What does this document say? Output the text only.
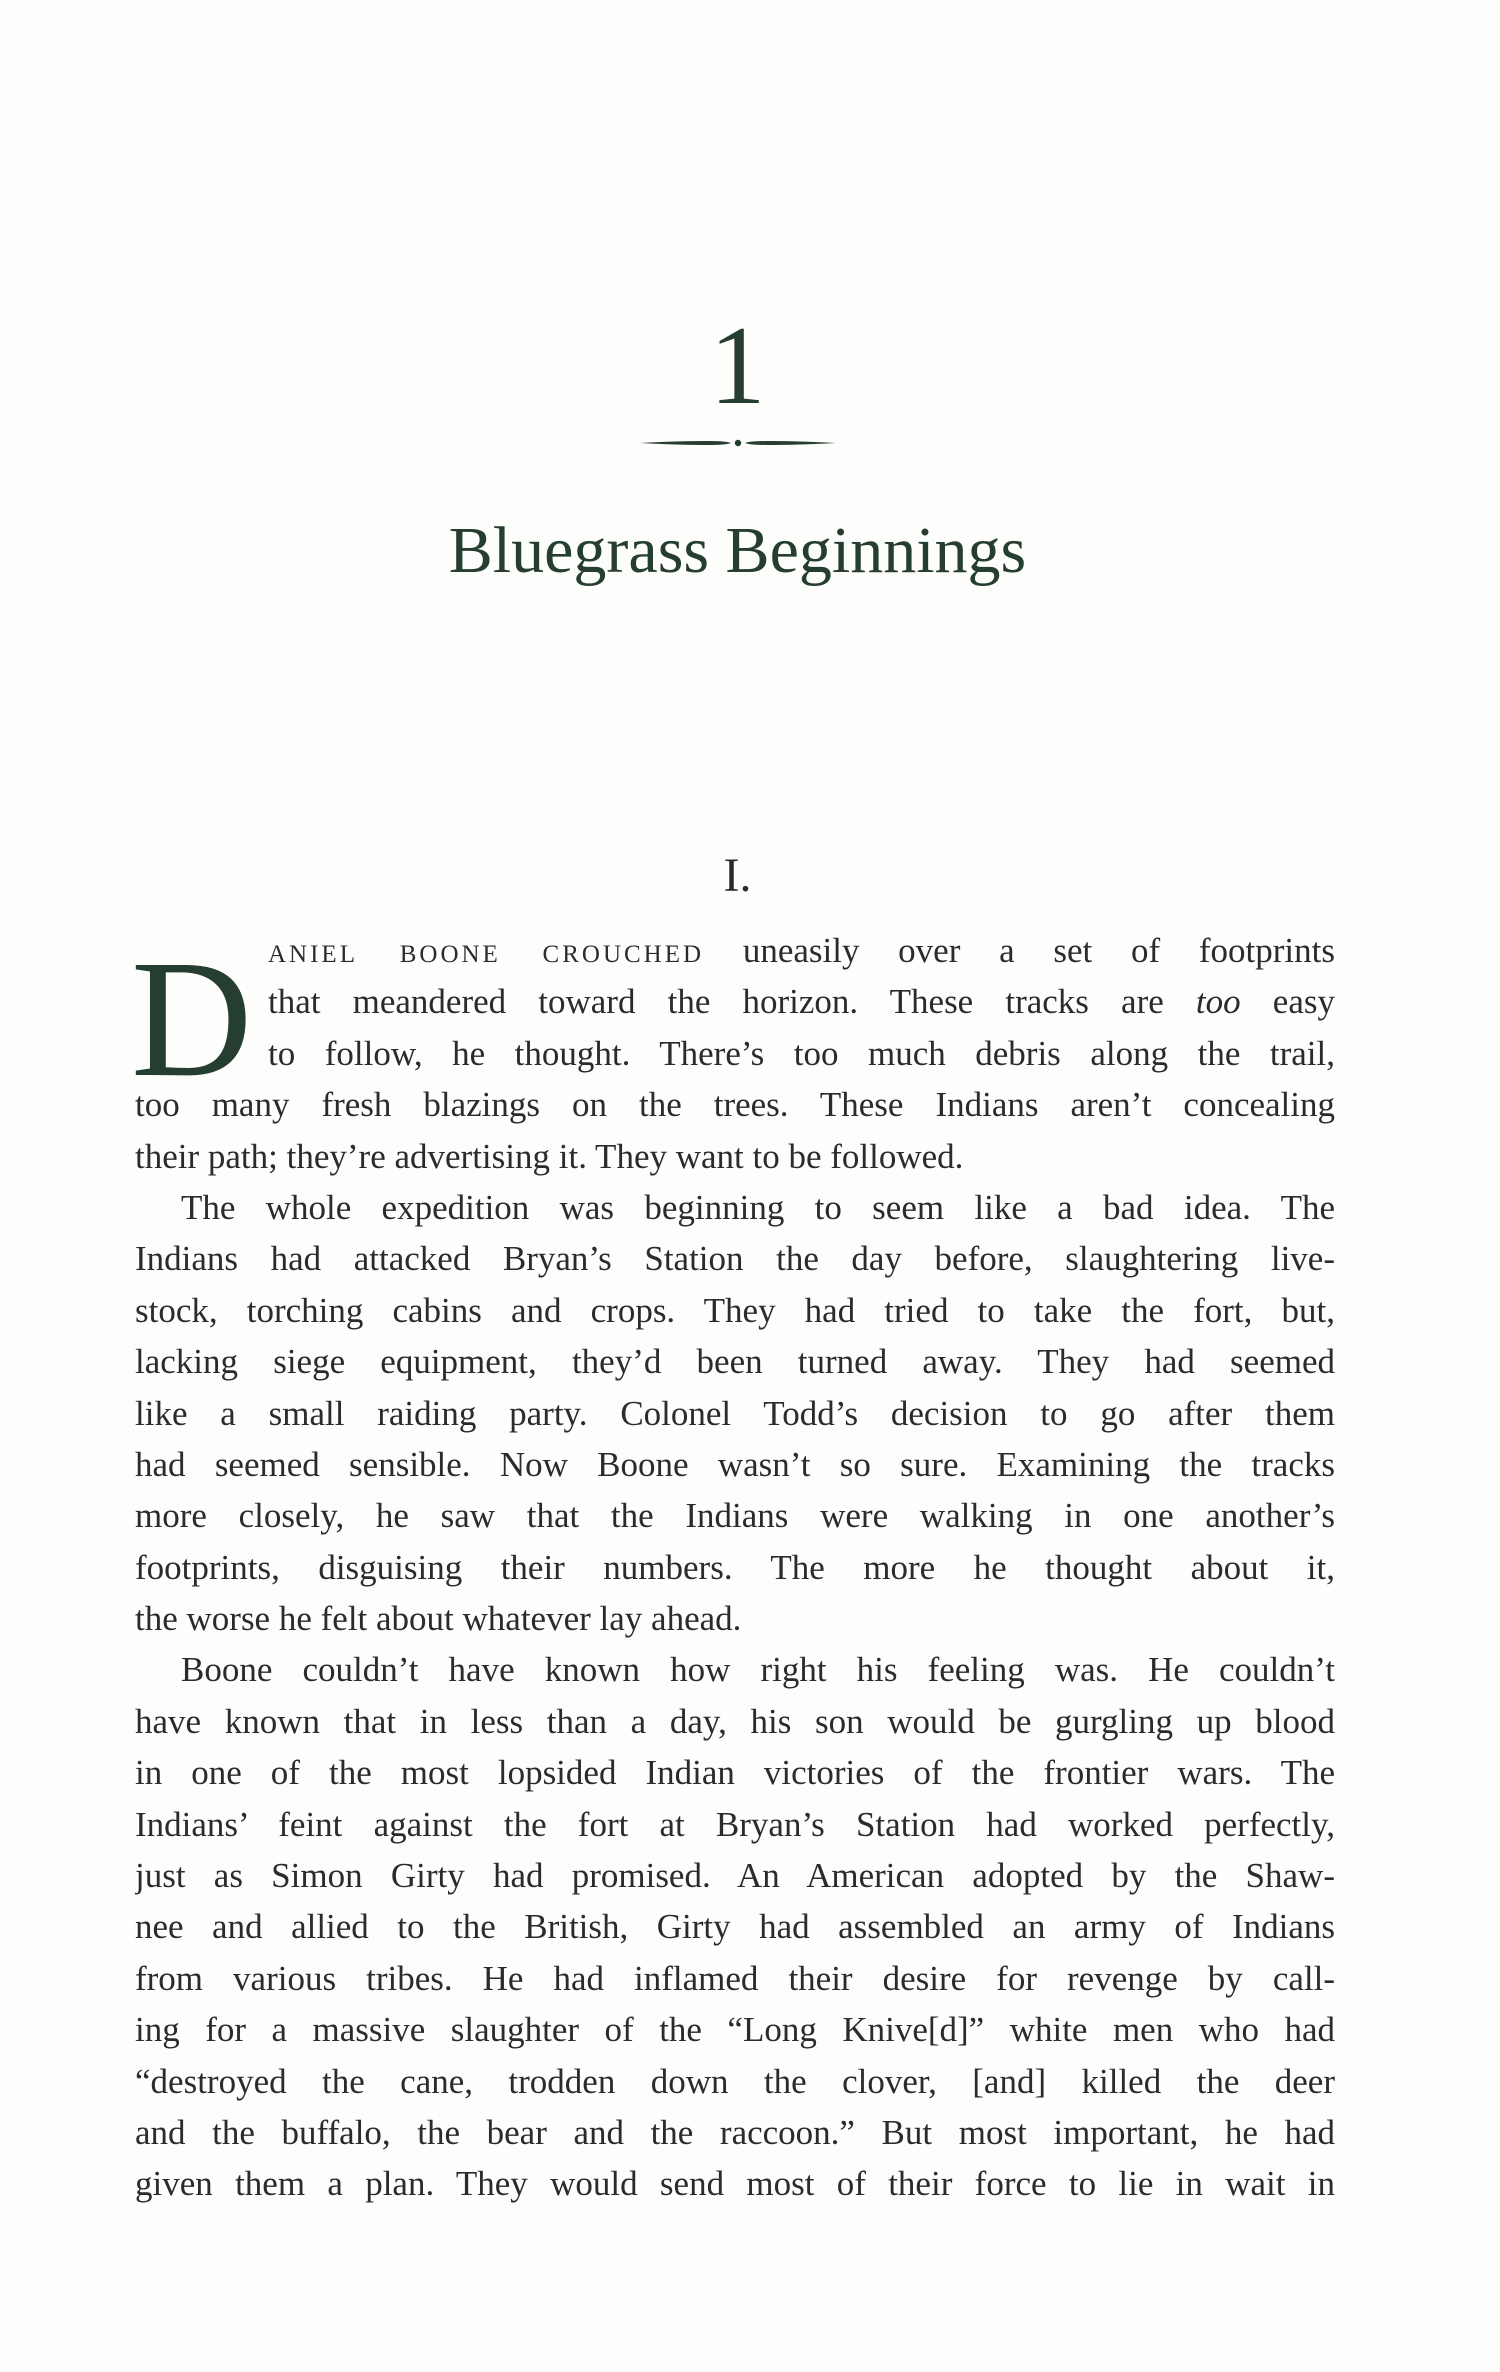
1
Bluegrass Beginnings
I.
D aniel boone crouched uneasily over a set of footprints
that meandered toward the horizon. These tracks are too easy
to follow, he thought. There’s too much debris along the trail,
too many fresh blazings on the trees. These Indians aren’t concealing
their path; they’re advertising it. They want to be followed.
The whole expedition was beginning to seem like a bad idea. The
Indians had attacked Bryan’s Station the day before, slaughtering live-
stock, torching cabins and crops. They had tried to take the fort, but,
lacking siege equipment, they’d been turned away. They had seemed
like a small raiding party. Colonel Todd’s decision to go after them
had seemed sensible. Now Boone wasn’t so sure. Examining the tracks
more closely, he saw that the Indians were walking in one another’s
footprints, disguising their numbers. The more he thought about it,
the worse he felt about whatever lay ahead.
Boone couldn’t have known how right his feeling was. He couldn’t
have known that in less than a day, his son would be gurgling up blood
in one of the most lopsided Indian victories of the frontier wars. The
Indians’ feint against the fort at Bryan’s Station had worked perfectly,
just as Simon Girty had promised. An American adopted by the Shaw-
nee and allied to the British, Girty had assembled an army of Indians
from various tribes. He had inflamed their desire for revenge by call-
ing for a massive slaughter of the “Long Knive[d]” white men who had
“destroyed the cane, trodden down the clover, [and] killed the deer
and the buffalo, the bear and the raccoon.” But most important, he had
given them a plan. They would send most of their force to lie in wait in
